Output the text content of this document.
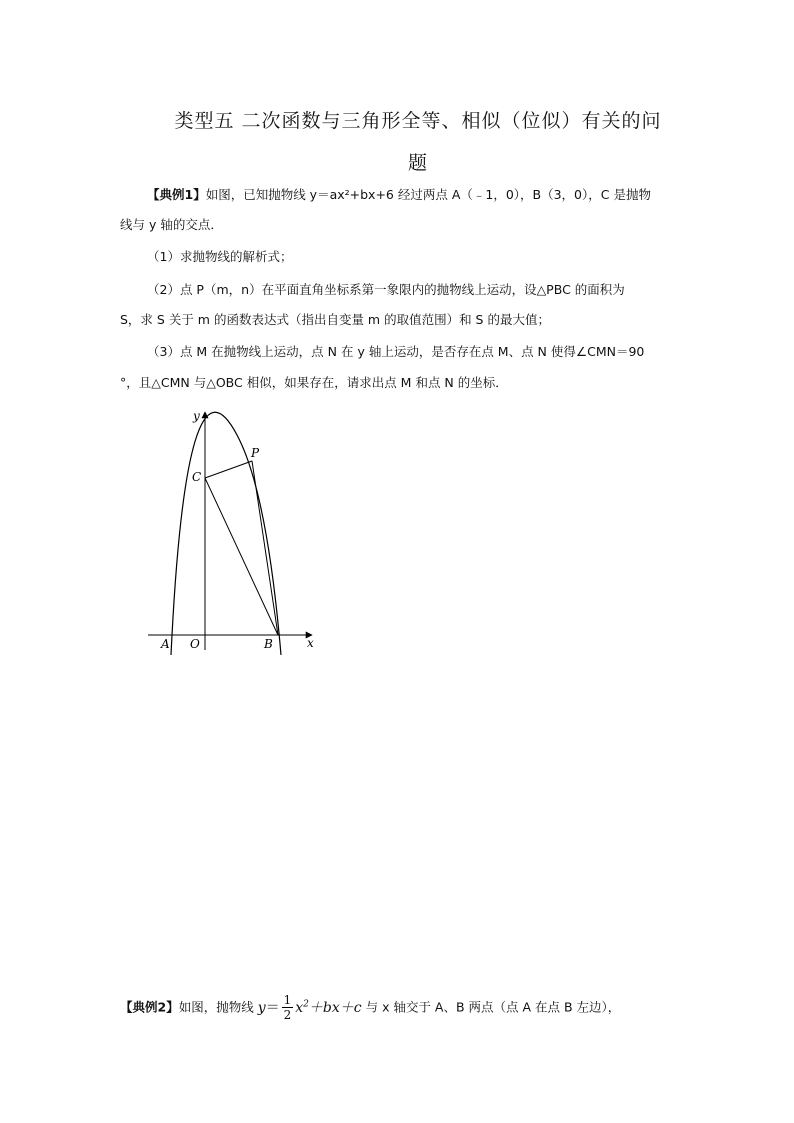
类型五 二次函数与三角形全等、相似（位似）有关的问
题
【典例1】如图，已知抛物线 y＝ax²+bx+6 经过两点 A（﹣1，0），B（3，0），C 是抛物
线与 y 轴的交点．
（1）求抛物线的解析式；
（2）点 P（m，n）在平面直角坐标系第一象限内的抛物线上运动，设△PBC 的面积为
S，求 S 关于 m 的函数表达式（指出自变量 m 的取值范围）和 S 的最大值；
（3）点 M 在抛物线上运动，点 N 在 y 轴上运动，是否存在点 M、点 N 使得∠CMN＝90
°，且△CMN 与△OBC 相似，如果存在，请求出点 M 和点 N 的坐标．
y
x
C
P
A O	B
【典例2】如图，抛物线 $y= \frac{1}{2} x^2+bx+c$ 与 x 轴交于 A、B 两点（点 A 在点 B 左边），
